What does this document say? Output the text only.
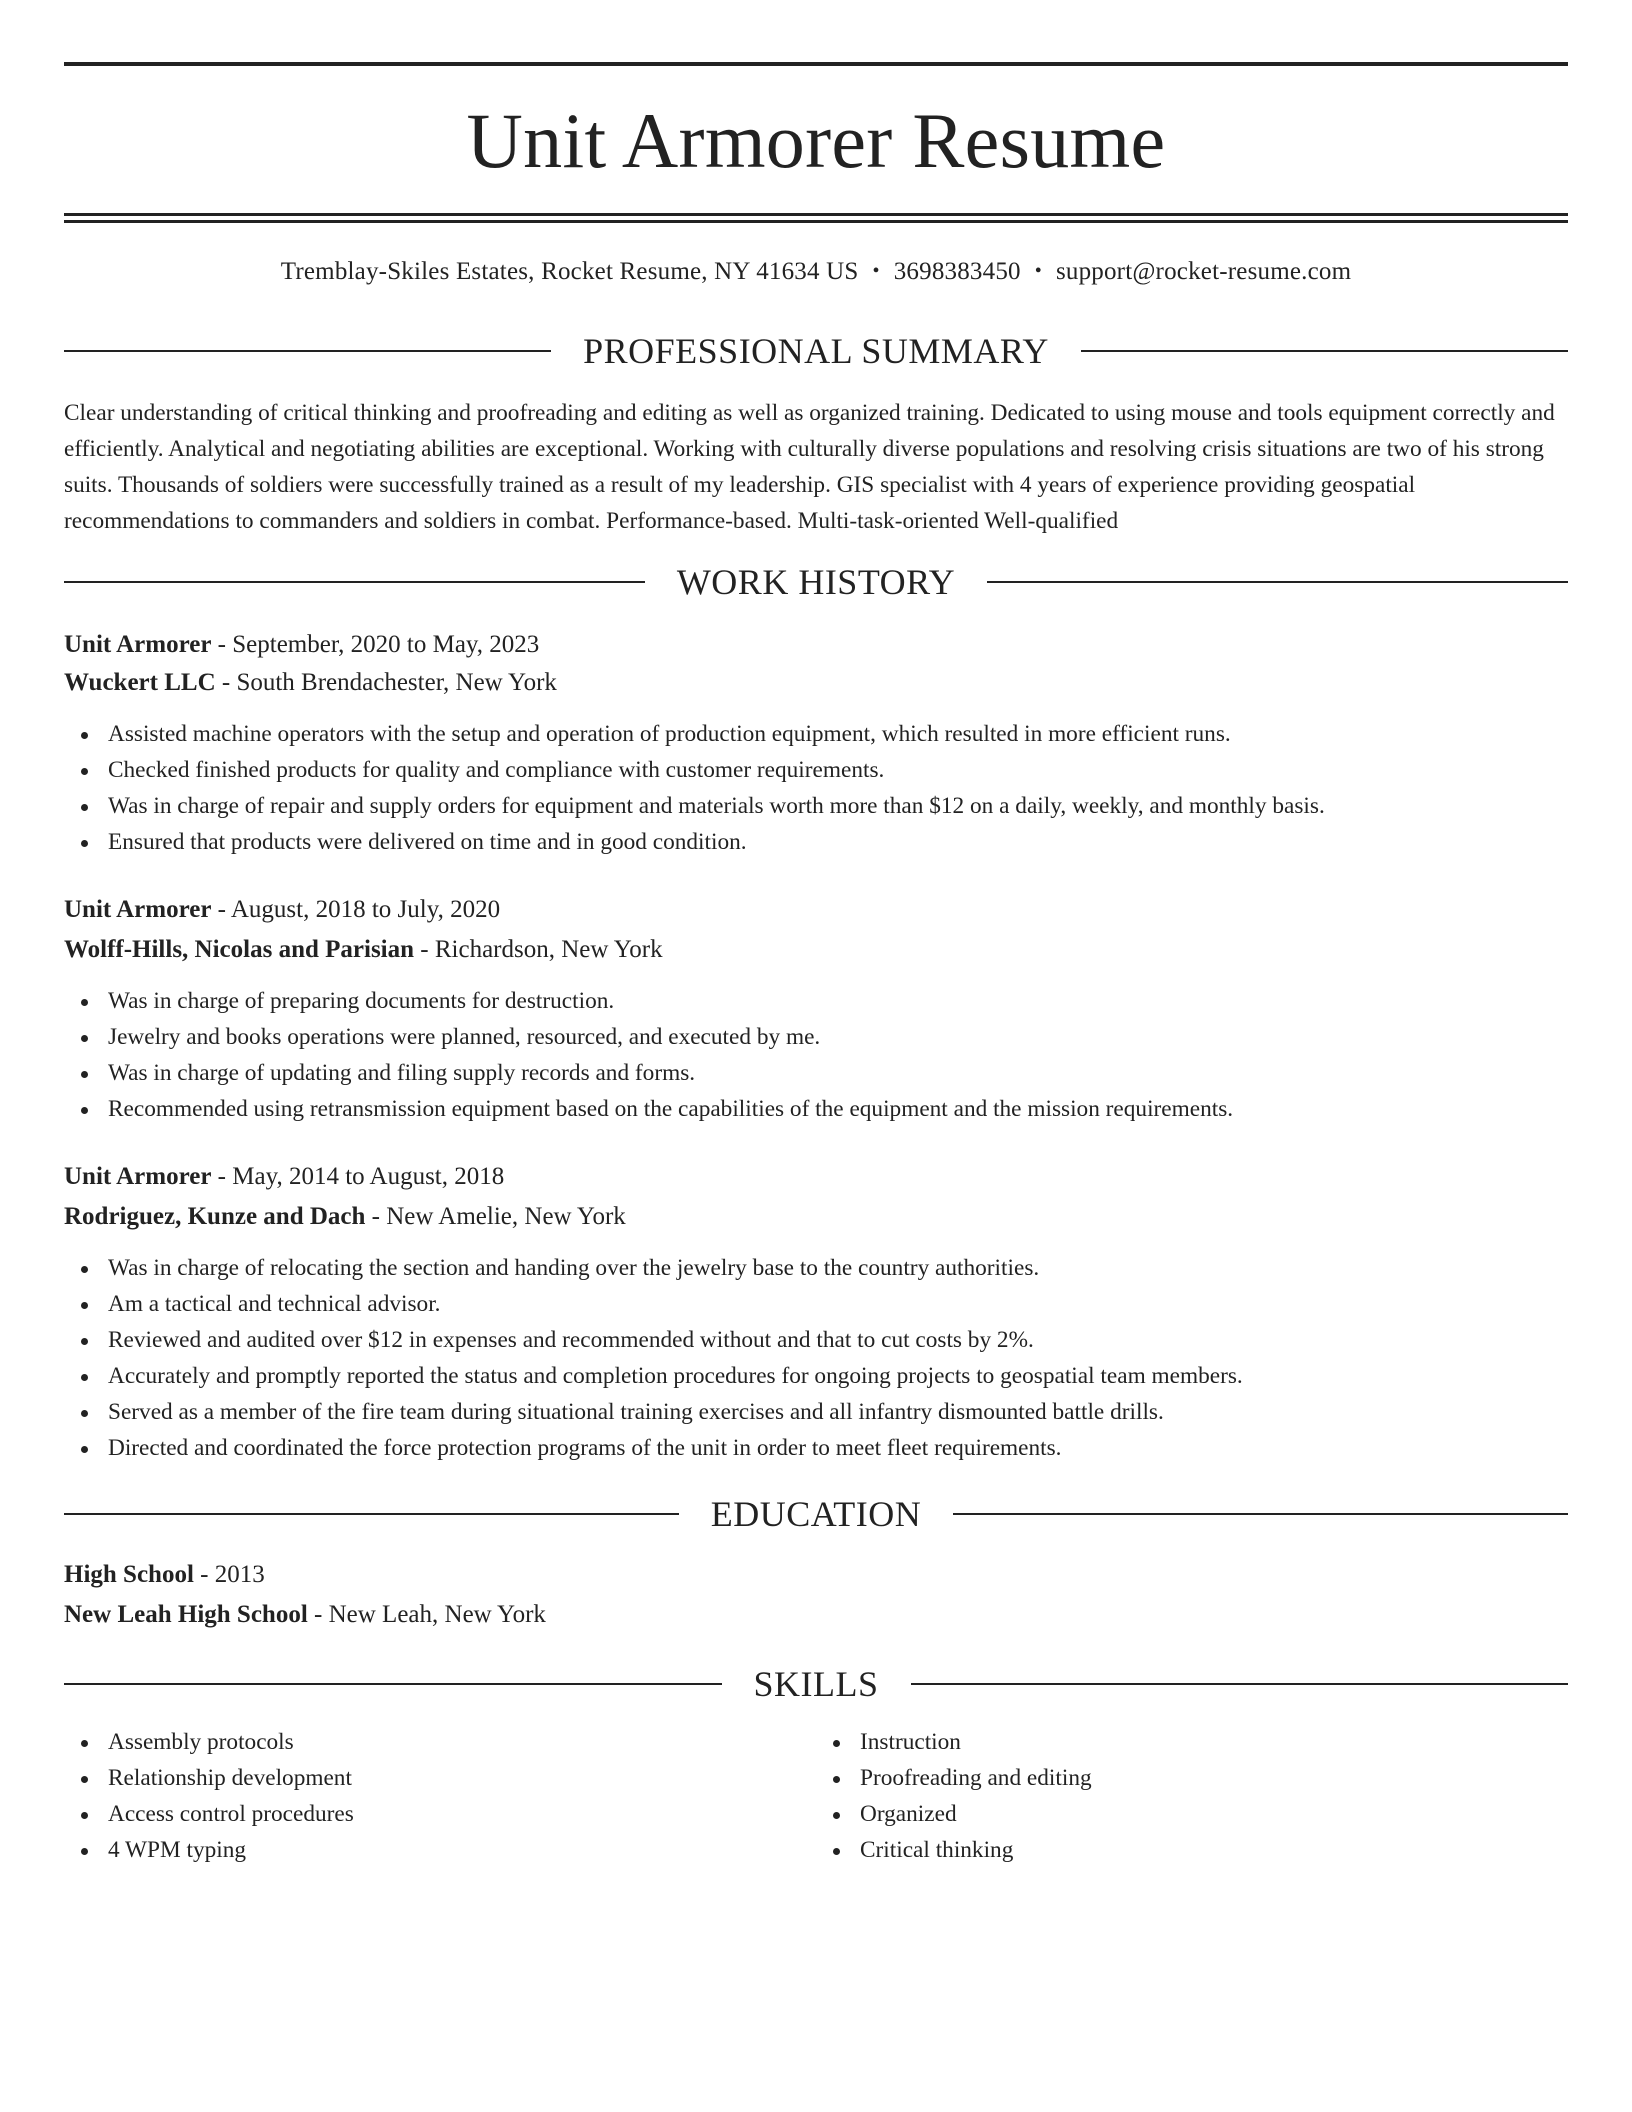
Unit Armorer Resume
Tremblay-Skiles Estates, Rocket Resume, NY 41634 US • 3698383450 • support@rocket-resume.com
PROFESSIONAL SUMMARY

Clear understanding of critical thinking and proofreading and editing as well as organized training. Dedicated to using mouse and tools equipment correctly and efficiently. Analytical and negotiating abilities are exceptional. Working with culturally diverse populations and resolving crisis situations are two of his strong suits. Thousands of soldiers were successfully trained as a result of my leadership. GIS specialist with 4 years of experience providing geospatial recommendations to commanders and soldiers in combat. Performance-based. Multi-task-oriented Well-qualified

WORK HISTORY
Unit Armorer - September, 2020 to May, 2023
Wuckert LLC - South Brendachester, New York
Assisted machine operators with the setup and operation of production equipment, which resulted in more efficient runs.
Checked finished products for quality and compliance with customer requirements.
Was in charge of repair and supply orders for equipment and materials worth more than $12 on a daily, weekly, and monthly basis.
Ensured that products were delivered on time and in good condition.
Unit Armorer - August, 2018 to July, 2020
Wolff-Hills, Nicolas and Parisian - Richardson, New York
Was in charge of preparing documents for destruction.
Jewelry and books operations were planned, resourced, and executed by me.
Was in charge of updating and filing supply records and forms.
Recommended using retransmission equipment based on the capabilities of the equipment and the mission requirements.
Unit Armorer - May, 2014 to August, 2018
Rodriguez, Kunze and Dach - New Amelie, New York
Was in charge of relocating the section and handing over the jewelry base to the country authorities.
Am a tactical and technical advisor.
Reviewed and audited over $12 in expenses and recommended without and that to cut costs by 2%.
Accurately and promptly reported the status and completion procedures for ongoing projects to geospatial team members.
Served as a member of the fire team during situational training exercises and all infantry dismounted battle drills.
Directed and coordinated the force protection programs of the unit in order to meet fleet requirements.
EDUCATION
High School - 2013
New Leah High School - New Leah, New York
SKILLS
Assembly protocols
Relationship development
Access control procedures
4 WPM typing
Instruction
Proofreading and editing
Organized
Critical thinking
